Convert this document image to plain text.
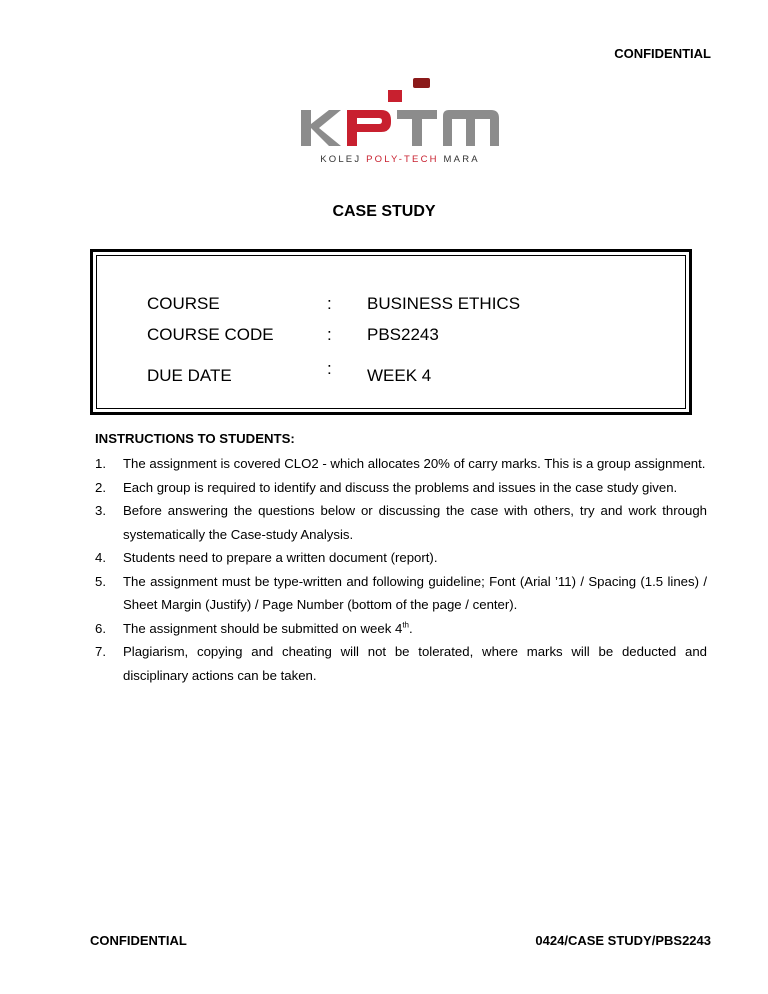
CONFIDENTIAL
KOLEJ POLY-TECH MARA
CASE STUDY
COURSE	: BUSINESS ETHICS
COURSE CODE	: PBS2243
DUE DATE	: WEEK 4
INSTRUCTIONS TO STUDENTS:
1. The assignment is covered CLO2 - which allocates 20% of carry marks. This is a group assignment.
2. Each group is required to identify and discuss the problems and issues in the case study given.
3. Before answering the questions below or discussing the case with others, try and work through systematically the Case-study Analysis.
4. Students need to prepare a written document (report).
5. The assignment must be type-written and following guideline; Font (Arial ’11) / Spacing (1.5 lines) / Sheet Margin (Justify) / Page Number (bottom of the page / center).
6. The assignment should be submitted on week 4th.
7. Plagiarism, copying and cheating will not be tolerated, where marks will be deducted and disciplinary actions can be taken.
CONFIDENTIAL	0424/CASE STUDY/PBS2243
